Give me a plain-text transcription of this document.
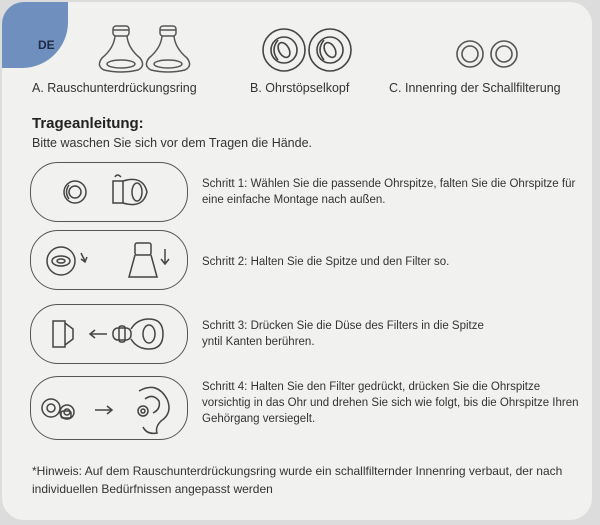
DE
A. Rauschunterdrückungsring	B. Ohrstöpselkopf	C. Innenring der Schallfilterung
Trageanleitung:
Bitte waschen Sie sich vor dem Tragen die Hände.
Schritt 1: Wählen Sie die passende Ohrspitze, falten Sie die Ohrspitze für eine einfache Montage nach außen.
Schritt 2: Halten Sie die Spitze und den Filter so.
Schritt 3: Drücken Sie die Düse des Filters in die Spitze yntil Kanten berühren.
Schritt 4: Halten Sie den Filter gedrückt, drücken Sie die Ohrspitze vorsichtig in das Ohr und drehen Sie sich wie folgt, bis die Ohrspitze Ihren Gehörgang versiegelt.
*Hinweis: Auf dem Rauschunterdrückungsring wurde ein schallfilternder Innenring verbaut, der nach individuellen Bedürfnissen angepasst werden
